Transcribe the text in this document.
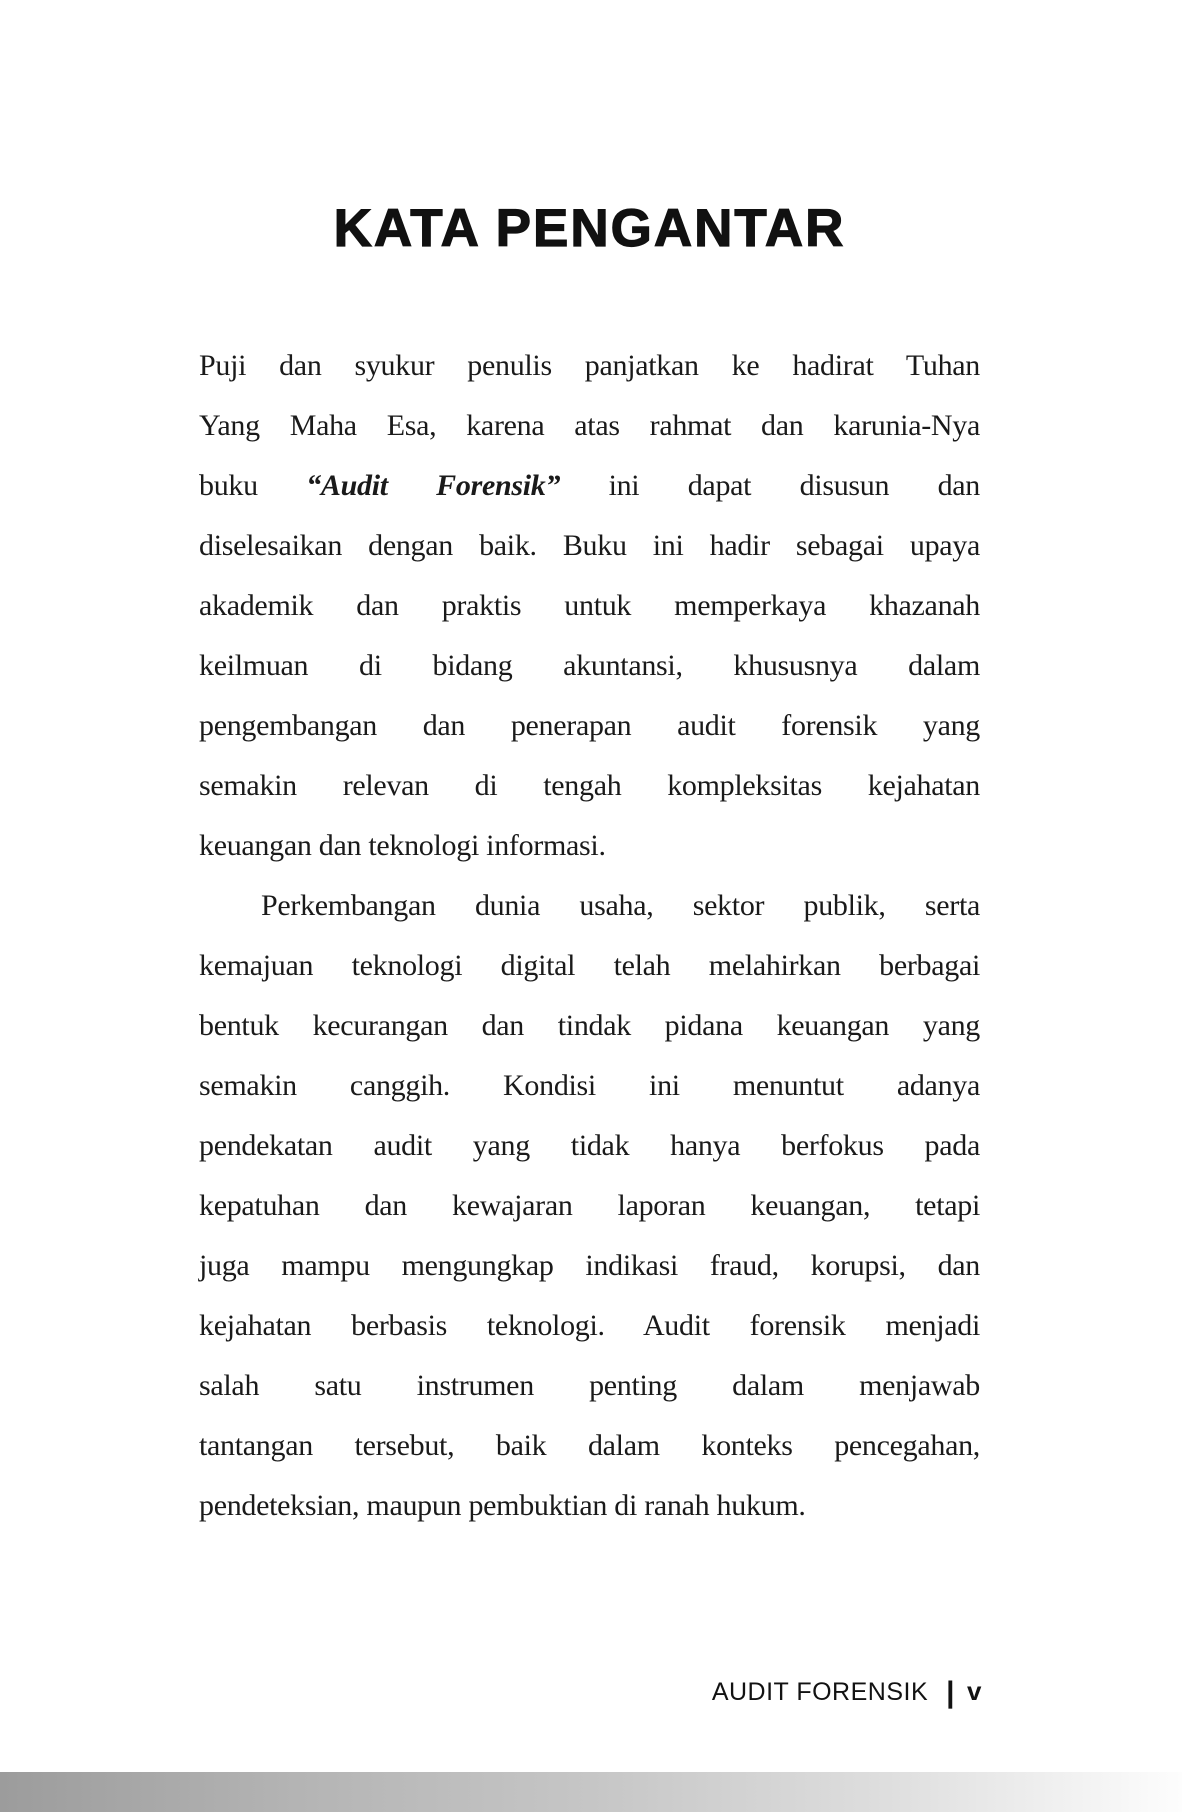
KATA PENGANTAR
Puji dan syukur penulis panjatkan ke hadirat Tuhan
Yang Maha Esa, karena atas rahmat dan karunia-Nya
buku “Audit Forensik” ini dapat disusun dan
diselesaikan dengan baik. Buku ini hadir sebagai upaya
akademik dan praktis untuk memperkaya khazanah
keilmuan di bidang akuntansi, khususnya dalam
pengembangan dan penerapan audit forensik yang
semakin relevan di tengah kompleksitas kejahatan
keuangan dan teknologi informasi.
Perkembangan dunia usaha, sektor publik, serta
kemajuan teknologi digital telah melahirkan berbagai
bentuk kecurangan dan tindak pidana keuangan yang
semakin canggih. Kondisi ini menuntut adanya
pendekatan audit yang tidak hanya berfokus pada
kepatuhan dan kewajaran laporan keuangan, tetapi
juga mampu mengungkap indikasi fraud, korupsi, dan
kejahatan berbasis teknologi. Audit forensik menjadi
salah satu instrumen penting dalam menjawab
tantangan tersebut, baik dalam konteks pencegahan,
pendeteksian, maupun pembuktian di ranah hukum.
AUDIT FORENSIK | v
